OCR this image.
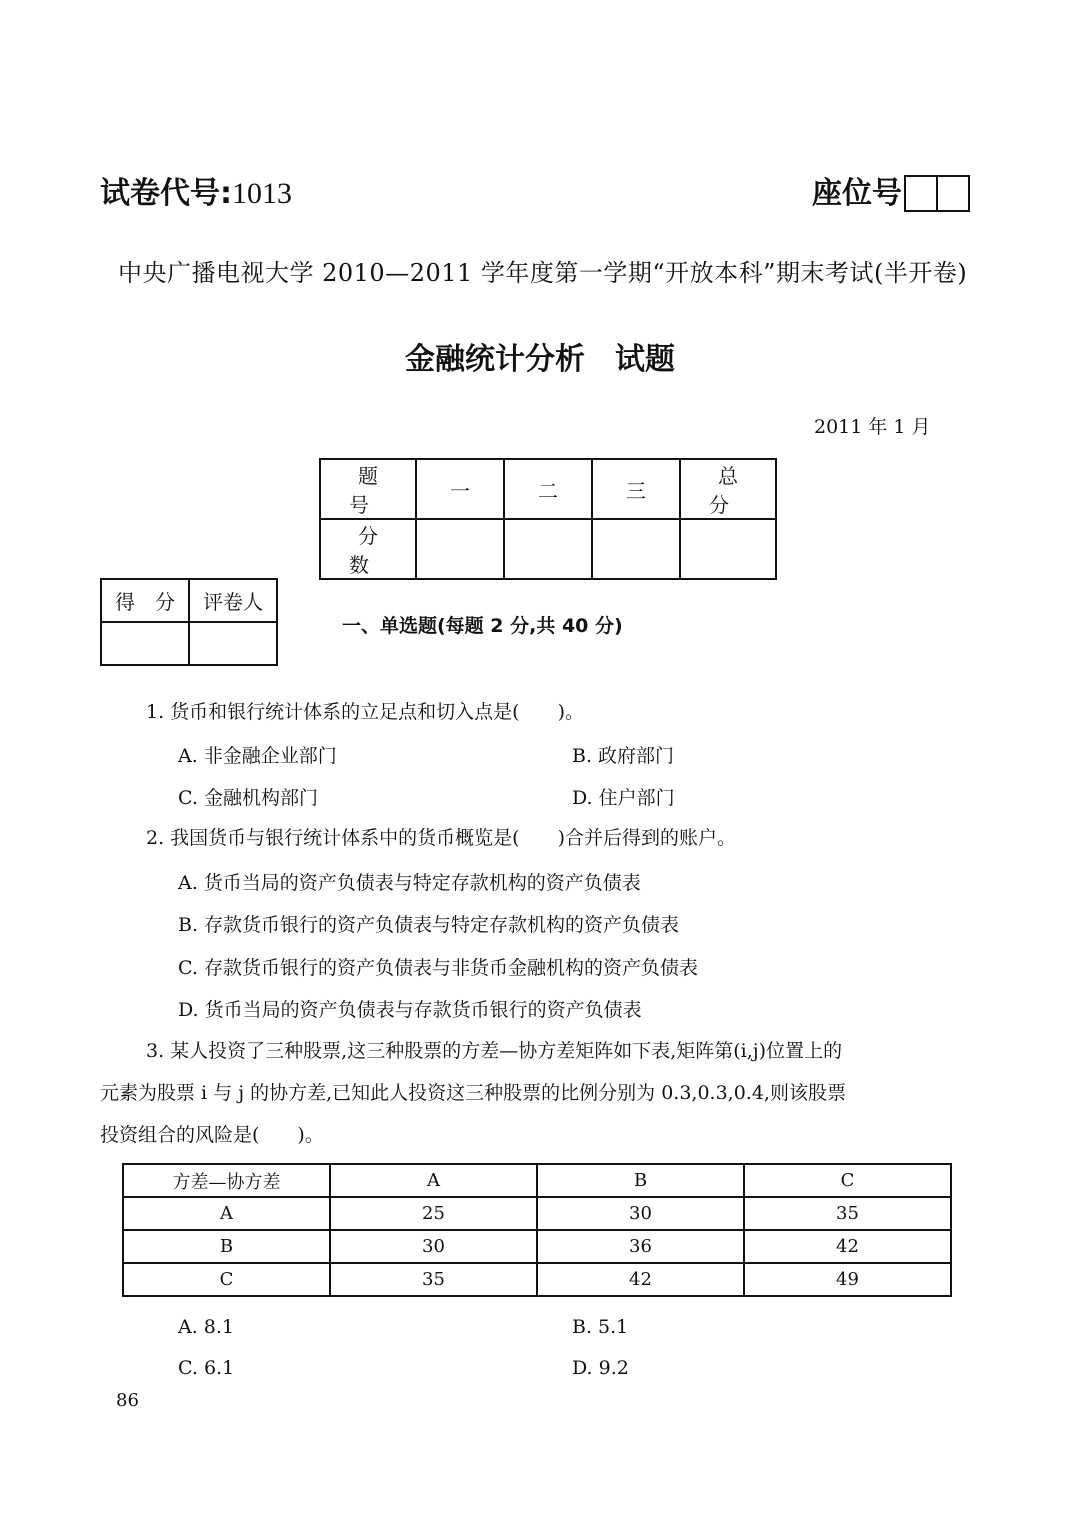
试卷代号:1013	座位号
中央广播电视大学 2010—2011 学年度第一学期“开放本科”期末考试(半开卷)
金融统计分析　试题
2011 年 1 月
题　号	一	二	三	总　分
分　数				
得　分	评卷人

一、单选题(每题 2 分,共 40 分)
1. 货币和银行统计体系的立足点和切入点是(　　)。
A. 非金融企业部门	B. 政府部门
C. 金融机构部门	D. 住户部门
2. 我国货币与银行统计体系中的货币概览是(　　)合并后得到的账户。
A. 货币当局的资产负债表与特定存款机构的资产负债表
B. 存款货币银行的资产负债表与特定存款机构的资产负债表
C. 存款货币银行的资产负债表与非货币金融机构的资产负债表
D. 货币当局的资产负债表与存款货币银行的资产负债表
3. 某人投资了三种股票,这三种股票的方差—协方差矩阵如下表,矩阵第(i,j)位置上的
元素为股票 i 与 j 的协方差,已知此人投资这三种股票的比例分别为 0.3,0.3,0.4,则该股票
投资组合的风险是(　　)。
方差—协方差	A	B	C
A	25	30	35
B	30	36	42
C	35	42	49
A. 8.1	B. 5.1
C. 6.1	D. 9.2
86
